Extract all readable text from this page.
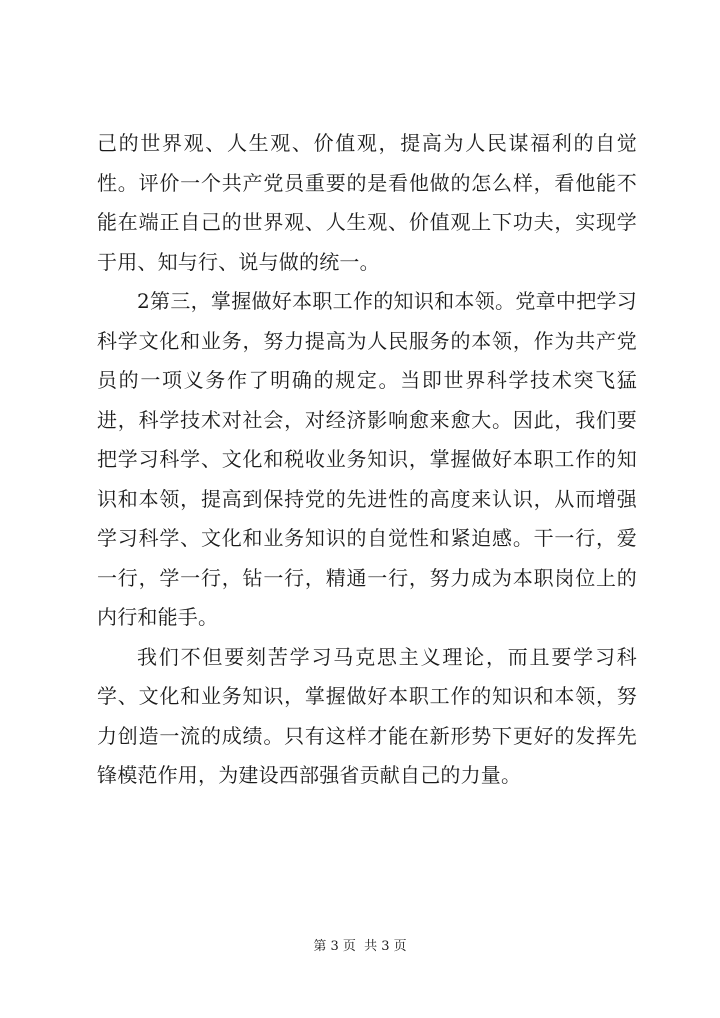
己的世界观、人生观、价值观，提高为人民谋福利的自觉性。评价一个共产党员重要的是看他做的怎么样，看他能不能在端正自己的世界观、人生观、价值观上下功夫，实现学于用、知与行、说与做的统一。

2第三，掌握做好本职工作的知识和本领。党章中把学习科学文化和业务，努力提高为人民服务的本领，作为共产党员的一项义务作了明确的规定。当即世界科学技术突飞猛进，科学技术对社会，对经济影响愈来愈大。因此，我们要把学习科学、文化和税收业务知识，掌握做好本职工作的知识和本领，提高到保持党的先进性的高度来认识，从而增强学习科学、文化和业务知识的自觉性和紧迫感。干一行，爱一行，学一行，钻一行，精通一行，努力成为本职岗位上的内行和能手。

我们不但要刻苦学习马克思主义理论，而且要学习科学、文化和业务知识，掌握做好本职工作的知识和本领，努力创造一流的成绩。只有这样才能在新形势下更好的发挥先锋模范作用，为建设西部强省贡献自己的力量。

第 3 页 共 3 页
